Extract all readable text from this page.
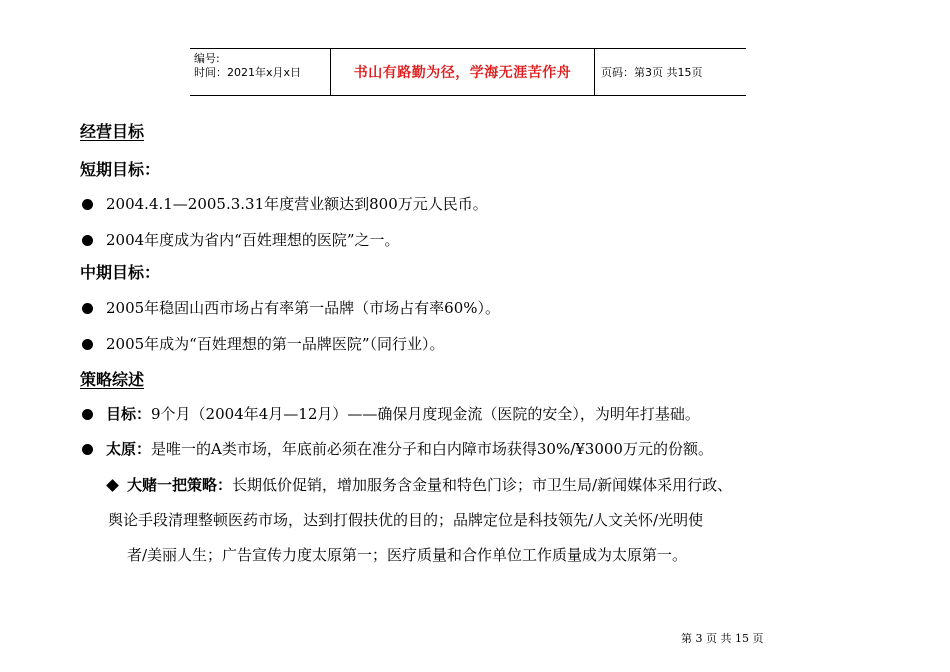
编号:
时间：2021年x月x日	书山有路勤为径，学海无涯苦作舟	页码：第3页 共15页
经营目标
短期目标：
2004.4.1—2005.3.31年度营业额达到800万元人民币。
2004年度成为省内“百姓理想的医院”之一。
中期目标：
2005年稳固山西市场占有率第一品牌（市场占有率60%）。
2005年成为“百姓理想的第一品牌医院”（同行业）。
策略综述
目标：9个月（2004年4月—12月）——确保月度现金流（医院的安全），为明年打基础。
太原：是唯一的A类市场，年底前必须在准分子和白内障市场获得30%/¥3000万元的份额。
大赌一把策略：长期低价促销，增加服务含金量和特色门诊；市卫生局/新闻媒体采用行政、
舆论手段清理整顿医药市场，达到打假扶优的目的；品牌定位是科技领先/人文关怀/光明使
者/美丽人生；广告宣传力度太原第一；医疗质量和合作单位工作质量成为太原第一。
第 3 页 共 15 页
